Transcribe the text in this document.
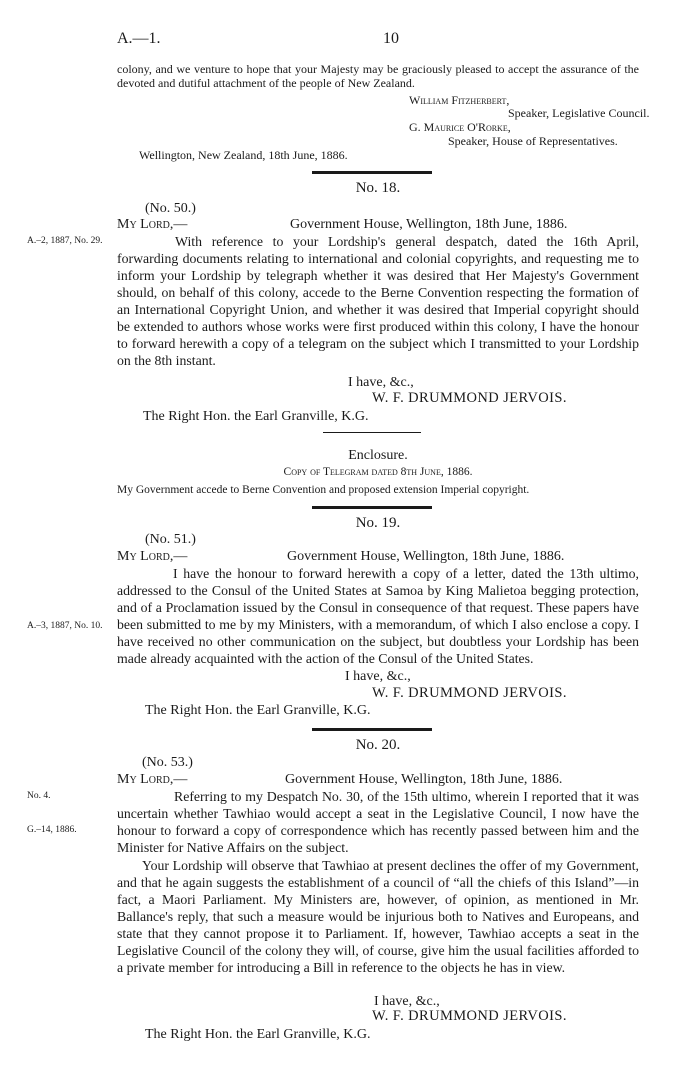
A.—1.	10
colony, and we venture to hope that your Majesty may be graciously pleased to accept the assurance of the devoted and dutiful attachment of the people of New Zealand.
William Fitzherbert,
Speaker, Legislative Council.
G. Maurice O'Rorke,
Speaker, House of Representatives.
Wellington, New Zealand, 18th June, 1886.
No. 18.
(No. 50.)
My Lord,—	Government House, Wellington, 18th June, 1886.
A.–2, 1887, No. 29.	With reference to your Lordship's general despatch, dated the 16th April, forwarding documents relating to international and colonial copyrights, and requesting me to inform your Lordship by telegraph whether it was desired that Her Majesty's Government should, on behalf of this colony, accede to the Berne Convention respecting the formation of an International Copyright Union, and whether it was desired that Imperial copyright should be extended to authors whose works were first produced within this colony, I have the honour to forward herewith a copy of a telegram on the subject which I transmitted to your Lordship on the 8th instant.
I have, &c.,
W. F. DRUMMOND JERVOIS.
The Right Hon. the Earl Granville, K.G.
Enclosure.
Copy of Telegram dated 8th June, 1886.
My Government accede to Berne Convention and proposed extension Imperial copyright.
No. 19.
(No. 51.)
My Lord,—	Government House, Wellington, 18th June, 1886.
A.–3, 1887, No. 10.
I have the honour to forward herewith a copy of a letter, dated the 13th ultimo, addressed to the Consul of the United States at Samoa by King Malietoa begging protection, and of a Proclamation issued by the Consul in consequence of that request. These papers have been submitted to me by my Ministers, with a memorandum, of which I also enclose a copy. I have received no other communication on the subject, but doubtless your Lordship has been made already acquainted with the action of the Consul of the United States.
I have, &c.,
W. F. DRUMMOND JERVOIS.
The Right Hon. the Earl Granville, K.G.
No. 20.
(No. 53.)
My Lord,—	Government House, Wellington, 18th June, 1886.
No. 4.
G.–14, 1886.
Referring to my Despatch No. 30, of the 15th ultimo, wherein I reported that it was uncertain whether Tawhiao would accept a seat in the Legislative Council, I now have the honour to forward a copy of correspondence which has recently passed between him and the Minister for Native Affairs on the subject.
Your Lordship will observe that Tawhiao at present declines the offer of my Government, and that he again suggests the establishment of a council of “all the chiefs of this Island”—in fact, a Maori Parliament. My Ministers are, however, of opinion, as mentioned in Mr. Ballance's reply, that such a measure would be injurious both to Natives and Europeans, and state that they cannot propose it to Parliament. If, however, Tawhiao accepts a seat in the Legislative Council of the colony they will, of course, give him the usual facilities afforded to a private member for introducing a Bill in reference to the objects he has in view.
I have, &c.,
W. F. DRUMMOND JERVOIS.
The Right Hon. the Earl Granville, K.G.
